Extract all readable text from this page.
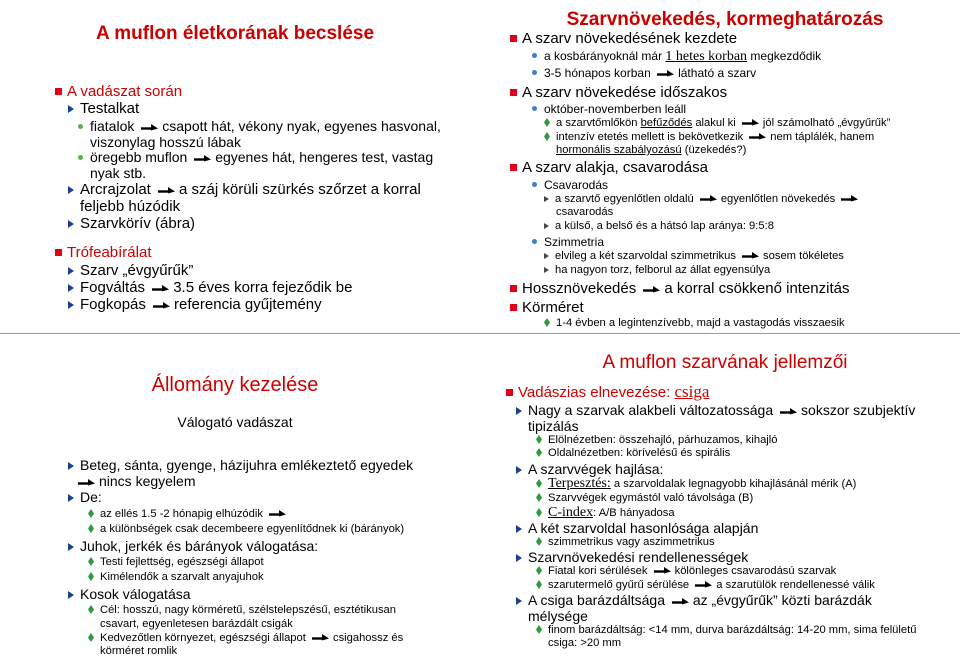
A muflon életkorának becslése
A vadászat során
Testalkat
fiatalok csapott hát, vékony nyak, egyenes hasvonal,
viszonylag hosszú lábak
öregebb muflon egyenes hát, hengeres test, vastag
nyak stb.
Arcrajzolat a száj körüli szürkés szőrzet a korral
feljebb húzódik
Szarvkörív (ábra)
Trófeabírálat
Szarv „évgyűrűk”
Fogváltás 3.5 éves korra fejeződik be
Fogkopás referencia gyűjtemény
Szarvnövekedés, kormeghatározás
A szarv növekedésének kezdete
a kosbárányoknál már 1 hetes korban megkezdődik
3-5 hónapos korban látható a szarv
A szarv növekedése időszakos
október-novemberben leáll
a szarvtőmlőkön befűződés alakul ki jól számolható „évgyűrűk”
intenzív etetés mellett is bekövetkezik nem táplálék, hanem
hormonális szabályozású (üzekedés?)
A szarv alakja, csavarodása
Csavarodás
a szarvtő egyenlőtlen oldalú egyenlőtlen növekedés
csavarodás
a külső, a belső és a hátsó lap aránya: 9:5:8
Szimmetria
elvileg a két szarvoldal szimmetrikus sosem tökéletes
ha nagyon torz, felborul az állat egyensúlya
Hossznövekedés a korral csökkenő intenzitás
Körméret
1-4 évben a legintenzívebb, majd a vastagodás visszaesik
Állomány kezelése
Válogató vadászat
Beteg, sánta, gyenge, házijuhra emlékeztető egyedek
nincs kegyelem
De:
az ellés 1.5 -2 hónapig elhúzódik
a különbségek csak decembeere egyenlítődnek ki (bárányok)
Juhok, jerkék és bárányok válogatása:
Testi fejlettség, egészségi állapot
Kimélendők a szarvalt anyajuhok
Kosok válogatása
Cél: hosszú, nagy körméretű, szélstelepszésű, esztétikusan
csavart, egyenletesen barázdált csigák
Kedvezőtlen környezet, egészségi állapot csigahossz és
körméret romlik
A muflon szarvának jellemzői
Vadászias elnevezése: csiga
Nagy a szarvak alakbeli változatossága sokszor szubjektív
tipizálás
Elölnézetben: összehajló, párhuzamos, kihajló
Oldalnézetben: körívelésű és spirális
A szarvvégek hajlása:
Terpesztés: a szarvoldalak legnagyobb kihajlásánál mérik (A)
Szarvvégek egymástól való távolsága (B)
C-index: A/B hányadosa
A két szarvoldal hasonlósága alapján
szimmetrikus vagy aszimmetrikus
Szarvnövekedési rendellenességek
Fiatal kori sérülések kölönleges csavarodású szarvak
szarutermelő gyűrű sérülése a szarutülök rendellenessé válik
A csiga barázdáltsága az „évgyűrűk” közti barázdák
mélysége
finom barázdáltság: <14 mm, durva barázdáltság: 14-20 mm, sima felületű
csiga: >20 mm
